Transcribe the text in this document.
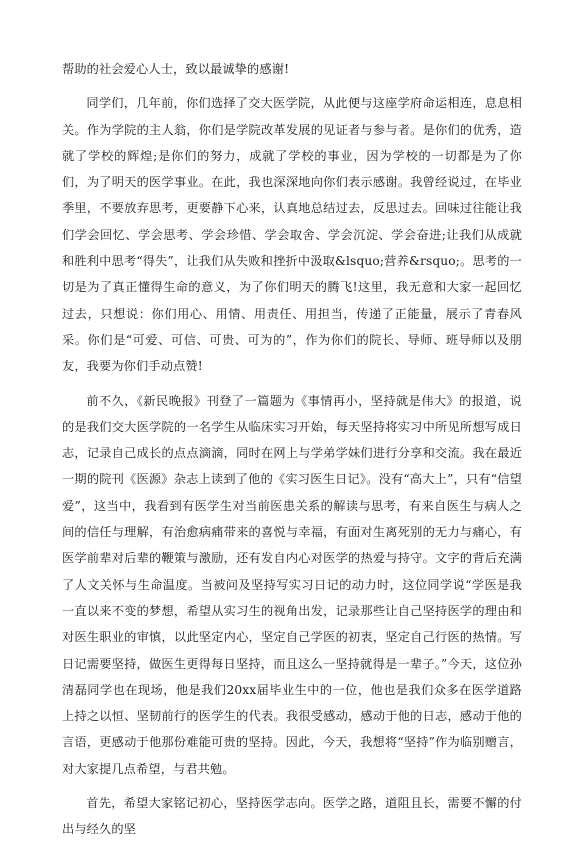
帮助的社会爱心人士，致以最诚挚的感谢!

同学们，几年前，你们选择了交大医学院，从此便与这座学府命运相连，息息相关。作为学院的主人翁，你们是学院改革发展的见证者与参与者。是你们的优秀，造就了学校的辉煌;是你们的努力，成就了学校的事业，因为学校的一切都是为了你们，为了明天的医学事业。在此，我也深深地向你们表示感谢。我曾经说过，在毕业季里，不要放弃思考，更要静下心来，认真地总结过去，反思过去。回味过往能让我们学会回忆、学会思考、学会珍惜、学会取舍、学会沉淀、学会奋进;让我们从成就和胜利中思考“得失”，让我们从失败和挫折中汲取&lsquo;营养&rsquo;。思考的一切是为了真正懂得生命的意义，为了你们明天的腾飞!这里，我无意和大家一起回忆过去，只想说：你们用心、用情、用责任、用担当，传递了正能量，展示了青春风采。你们是“可爱、可信、可贵、可为的”，作为你们的院长、导师、班导师以及朋友，我要为你们手动点赞!

前不久，《新民晚报》刊登了一篇题为《事情再小，坚持就是伟大》的报道，说的是我们交大医学院的一名学生从临床实习开始，每天坚持将实习中所见所想写成日志，记录自己成长的点点滴滴，同时在网上与学弟学妹们进行分享和交流。我在最近一期的院刊《医源》杂志上读到了他的《实习医生日记》。没有“高大上”，只有“信望爱”，这当中，我看到有医学生对当前医患关系的解读与思考，有来自医生与病人之间的信任与理解，有治愈病痛带来的喜悦与幸福，有面对生离死别的无力与痛心，有医学前辈对后辈的鞭策与激励，还有发自内心对医学的热爱与持守。文字的背后充满了人文关怀与生命温度。当被问及坚持写实习日记的动力时，这位同学说“学医是我一直以来不变的梦想，希望从实习生的视角出发，记录那些让自己坚持医学的理由和对医生职业的审慎，以此坚定内心，坚定自己学医的初衷，坚定自己行医的热情。写日记需要坚持，做医生更得每日坚持，而且这么一坚持就得是一辈子。”今天，这位孙清磊同学也在现场，他是我们20xx届毕业生中的一位，他也是我们众多在医学道路上持之以恒、坚韧前行的医学生的代表。我很受感动，感动于他的日志，感动于他的言语，更感动于他那份难能可贵的坚持。因此，今天，我想将“坚持”作为临别赠言，对大家提几点希望，与君共勉。

首先，希望大家铭记初心，坚持医学志向。医学之路，道阻且长，需要不懈的付出与经久的坚
